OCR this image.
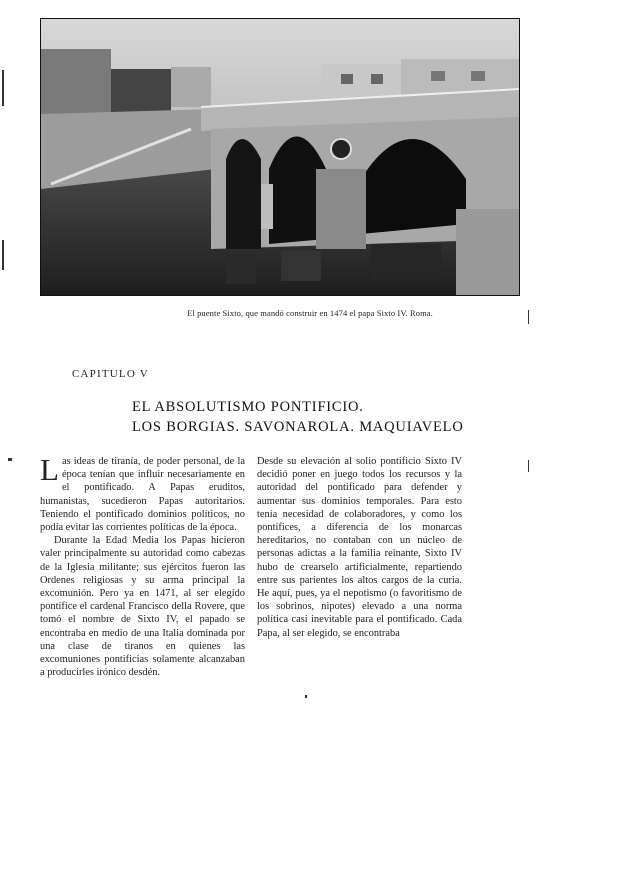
El puente Sixto, que mandó construir en 1474 el papa Sixto IV. Roma.
CAPITULO V
EL ABSOLUTISMO PONTIFICIO.
LOS BORGIAS. SAVONAROLA. MAQUIAVELO

Las ideas de tiranía, de poder personal, de la época tenían que influir necesariamente en el pontificado. A Papas eruditos, humanistas, sucedieron Papas autoritarios. Teniendo el pontificado dominios políticos, no podía evitar las corrientes políticas de la época.

Durante la Edad Media los Papas hicieron valer principalmente su autoridad como cabezas de la Iglesia militante; sus ejércitos fueron las Ordenes religiosas y su arma principal la excomunión. Pero ya en 1471, al ser elegido pontífice el cardenal Francisco della Rovere, que tomó el nombre de Sixto IV, el papado se encontraba en medio de una Italia dominada por una clase de tiranos en quienes las excomuniones pontificias solamente alcanzaban a producirles irónico desdén.

Desde su elevación al solio pontificio Sixto IV decidió poner en juego todos los recursos y la autoridad del pontificado para defender y aumentar sus dominios temporales. Para esto tenía necesidad de colaboradores, y como los pontífices, a diferencia de los monarcas hereditarios, no contaban con un núcleo de personas adictas a la familia reinante, Sixto IV hubo de crearselo artificialmente, repartiendo entre sus parientes los altos cargos de la curia. He aquí, pues, ya el nepotismo (o favoritismo de los sobrinos, nipotes) elevado a una norma política casi inevitable para el pontificado. Cada Papa, al ser elegido, se encontraba
